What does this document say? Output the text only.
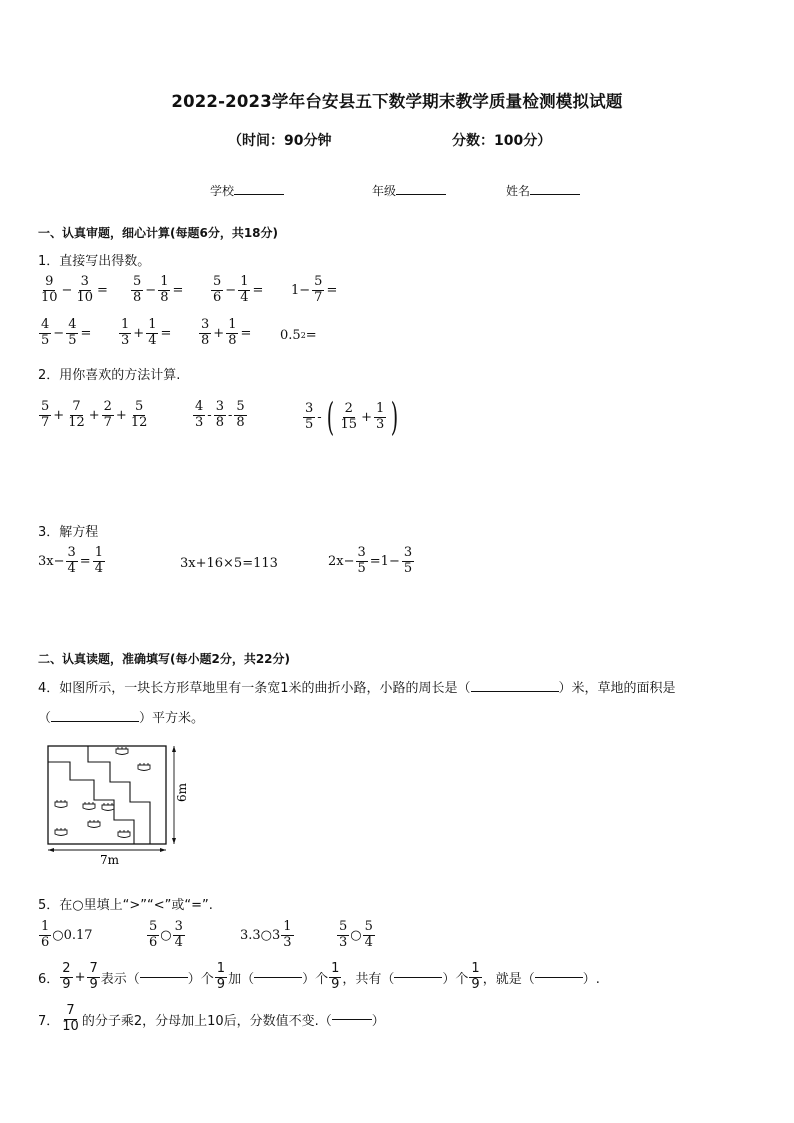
2022-2023学年台安县五下数学期末教学质量检测模拟试题
（时间：90分钟	分数：100分）
学校	年级	姓名
一、认真审题，细心计算(每题6分，共18分)
1．直接写出得数。
$\frac{9}{10} - \frac{3}{10} = \frac{5}{8} - \frac{1}{8} = \frac{5}{6} - \frac{1}{4} = 1- \frac{5}{7}$ =
$\frac{4}{5} - \frac{4}{5} = \frac{1}{3} + \frac{1}{4} = \frac{3}{8} + \frac{1}{8} = 0.5$ 2 =
2．用你喜欢的方法计算.
$\frac{5}{7} + \frac{7}{12} + \frac{2}{7} + \frac{5}{12}$	$\frac{4}{3} - \frac{3}{8} - \frac{5}{8}$	$\frac{3}{5}$ - ( $\frac{2}{15} + \frac{1}{3}$ )
3．解方程
$3x- \frac{3}{4} = \frac{1}{4}$	3x+16×5=113	$2x- \frac{3}{5} =1- \frac{3}{5}$
二、认真读题，准确填写(每小题2分，共22分)
4．如图所示，一块长方形草地里有一条宽1米的曲折小路，小路的周长是（	）米，草地的面积是
（	）平方米。
7m
6m
5．在○里填上“>”“<”或“=”.
$\frac{1}{6}$ ○0.17	$\frac{5}{6}$ ○ $\frac{3}{4}$	3.3○3 $\frac{1}{3}$	$\frac{5}{3}$ ○ $\frac{5}{4}$
6． $\frac{2}{9} + \frac{7}{9}$ 表示（	）个 $\frac{1}{9}$ 加（	）个 $\frac{1}{9}$ ，共有（	）个 $\frac{1}{9}$ ，就是（	）.
7． $\frac{7}{10}$ 的分子乘2，分母加上10后，分数值不变.（	）
